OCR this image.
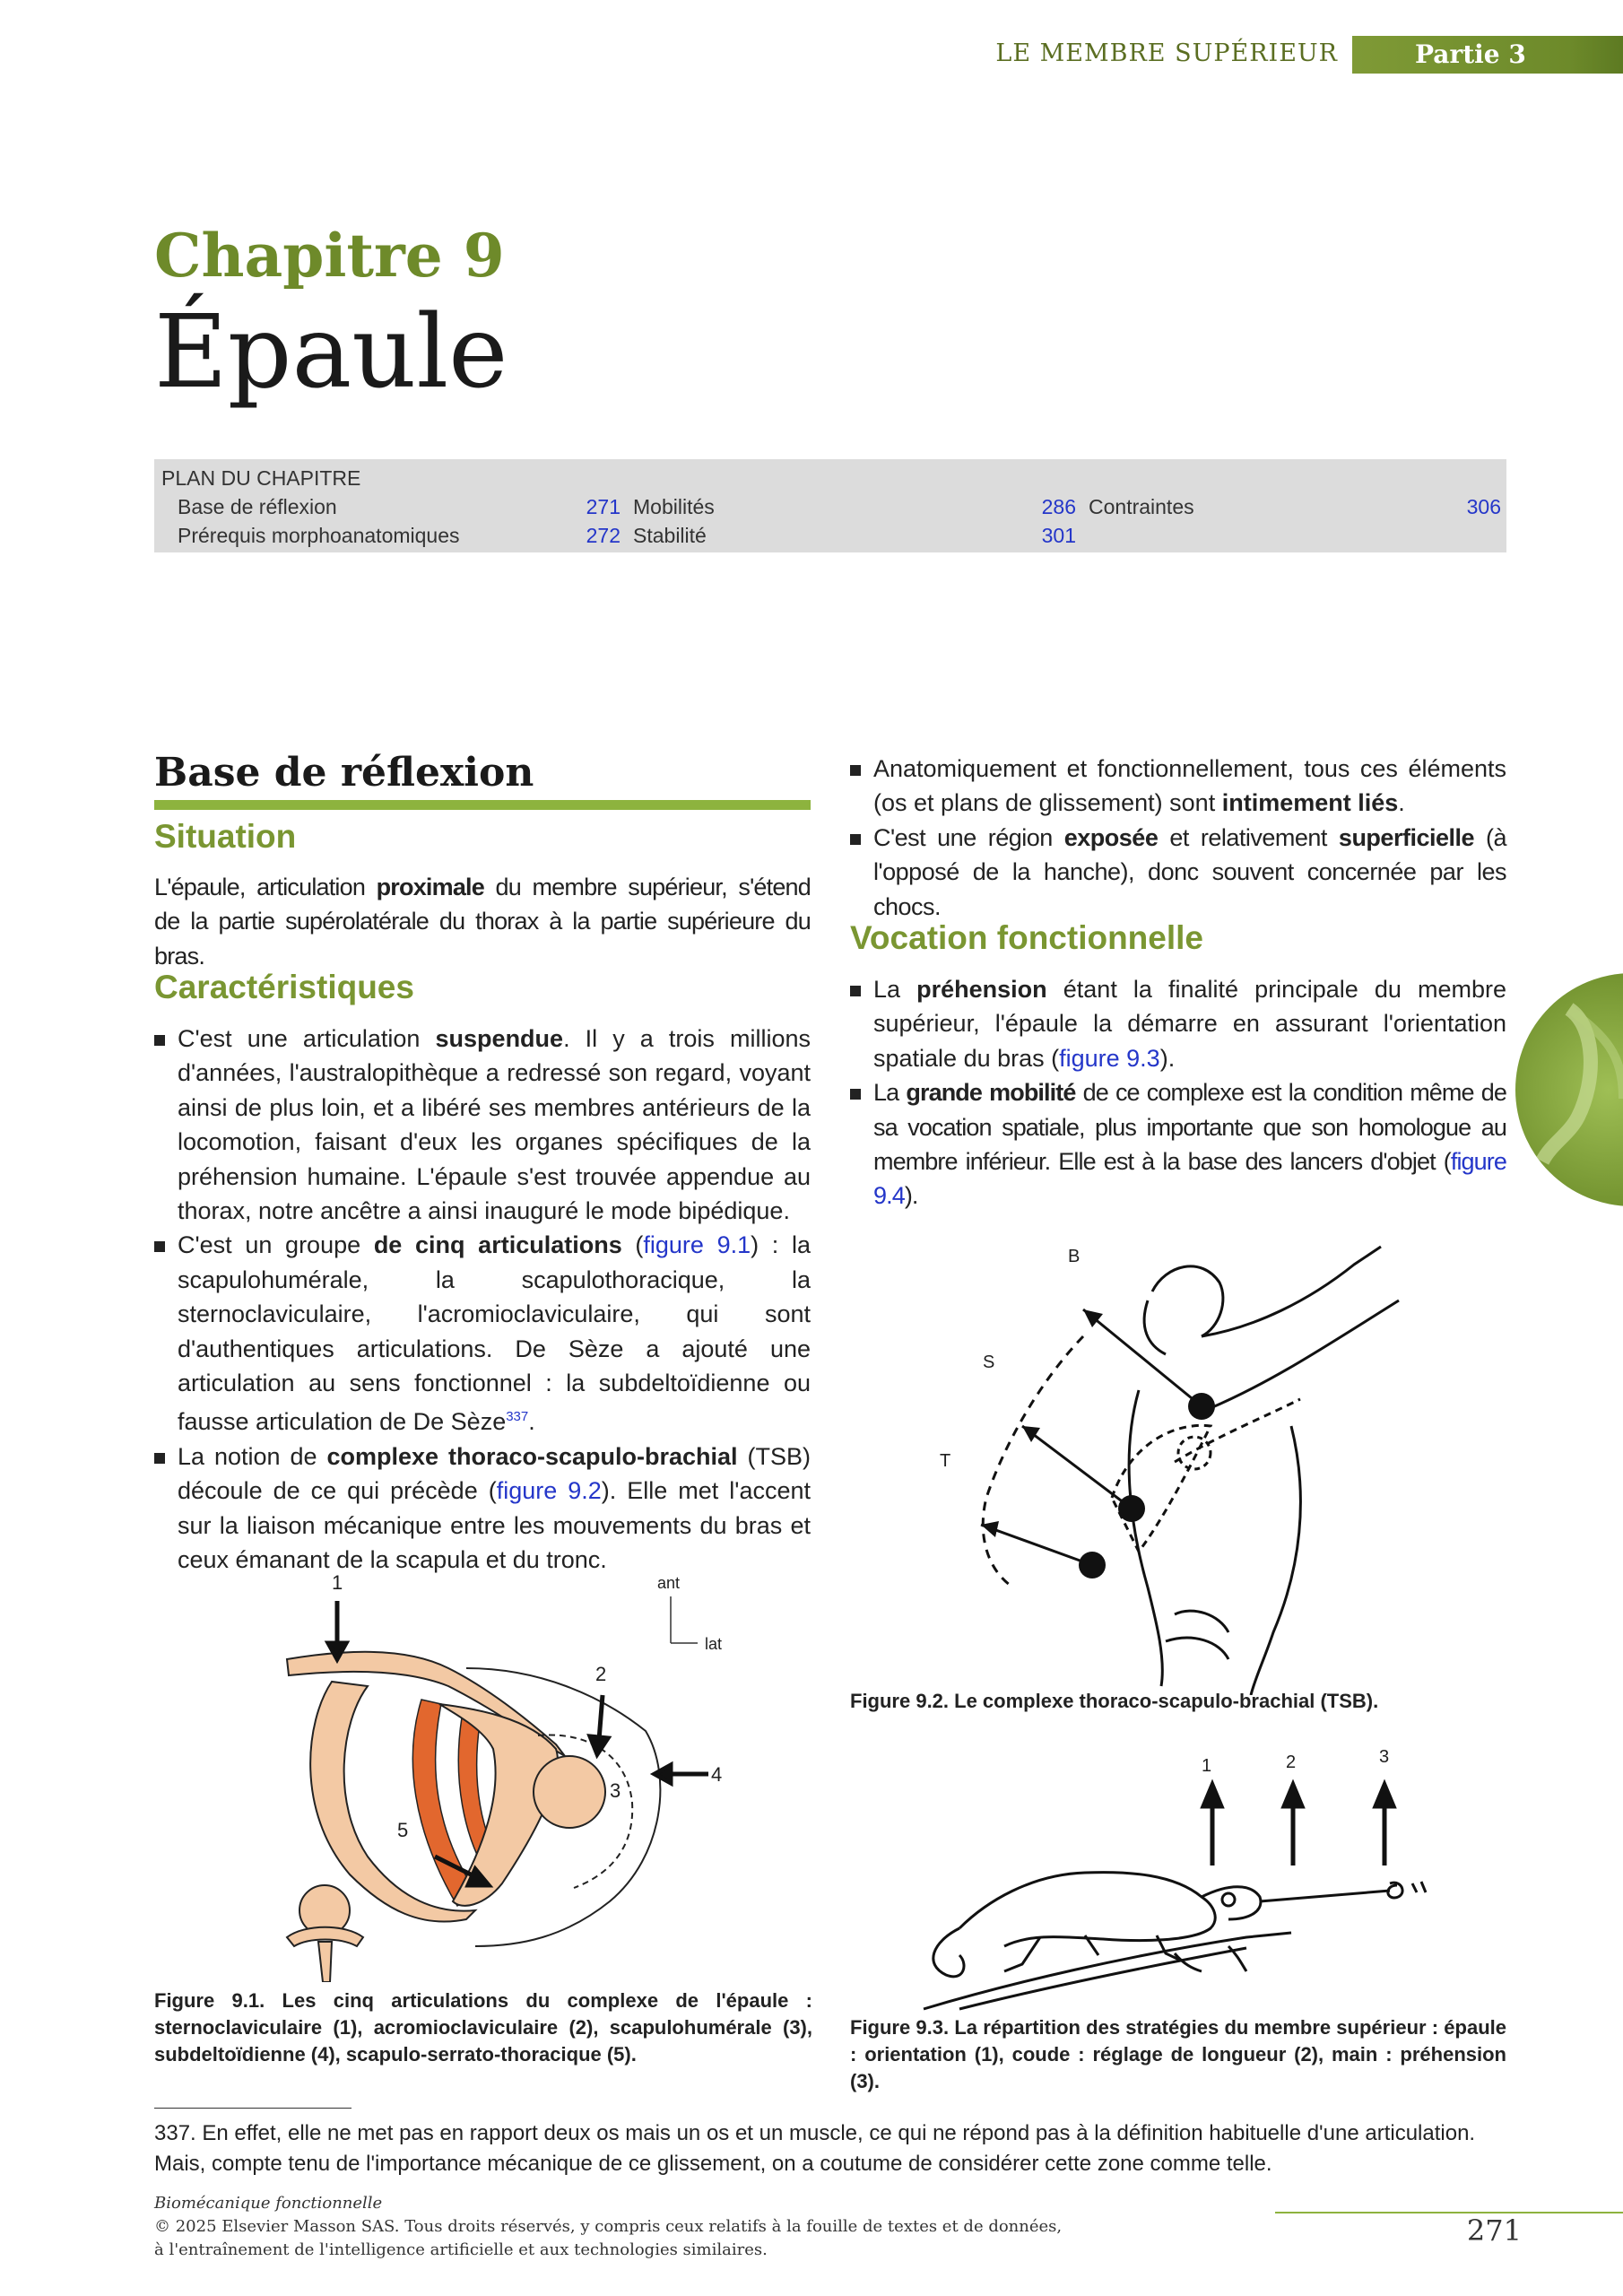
LE MEMBRE SUPÉRIEUR	Partie 3
Chapitre 9
Épaule
PLAN DU CHAPITRE
Base de réflexion	271
Prérequis morphoanatomiques	272
Mobilités	286
Stabilité	301
Contraintes	306
Base de réflexion
Situation
L'épaule, articulation proximale du membre supérieur, s'étend de la partie supérolatérale du thorax à la partie supérieure du bras.
Caractéristiques
C'est une articulation suspendue. Il y a trois millions d'années, l'australopithèque a redressé son regard, voyant ainsi de plus loin, et a libéré ses membres antérieurs de la locomotion, faisant d'eux les organes spécifiques de la préhension humaine. L'épaule s'est trouvée appendue au thorax, notre ancêtre a ainsi inauguré le mode bipédique.
C'est un groupe de cinq articulations (figure 9.1) : la scapulohumérale, la scapulothoracique, la sternoclaviculaire, l'acromioclaviculaire, qui sont d'authentiques articulations. De Sèze a ajouté une articulation au sens fonctionnel : la subdeltoïdienne ou fausse articulation de De Sèze$^{337}$.
La notion de complexe thoraco-scapulo-brachial (TSB) découle de ce qui précède (figure 9.2). Elle met l'accent sur la liaison mécanique entre les mouvements du bras et ceux émanant de la scapula et du tronc.
Anatomiquement et fonctionnellement, tous ces éléments (os et plans de glissement) sont intimement liés.
C'est une région exposée et relativement superficielle (à l'opposé de la hanche), donc souvent concernée par les chocs.
Vocation fonctionnelle
La préhension étant la finalité principale du membre supérieur, l'épaule la démarre en assurant l'orientation spatiale du bras (figure 9.3).
La grande mobilité de ce complexe est la condition même de sa vocation spatiale, plus importante que son homologue au membre inférieur. Elle est à la base des lancers d'objet (figure 9.4).
1
2
3
4
5
ant
lat
Figure 9.1. Les cinq articulations du complexe de l'épaule : sternoclaviculaire (1), acromioclaviculaire (2), scapulohumérale (3), subdeltoïdienne (4), scapulo-serrato-thoracique (5).
B
S
T
Figure 9.2. Le complexe thoraco-scapulo-brachial (TSB).
1	2	3
Figure 9.3. La répartition des stratégies du membre supérieur : épaule : orientation (1), coude : réglage de longueur (2), main : préhension (3).
337. En effet, elle ne met pas en rapport deux os mais un os et un muscle, ce qui ne répond pas à la définition habituelle d'une articulation. Mais, compte tenu de l'importance mécanique de ce glissement, on a coutume de considérer cette zone comme telle.
Biomécanique fonctionnelle
© 2025 Elsevier Masson SAS. Tous droits réservés, y compris ceux relatifs à la fouille de textes et de données,
à l'entraînement de l'intelligence artificielle et aux technologies similaires.
271
